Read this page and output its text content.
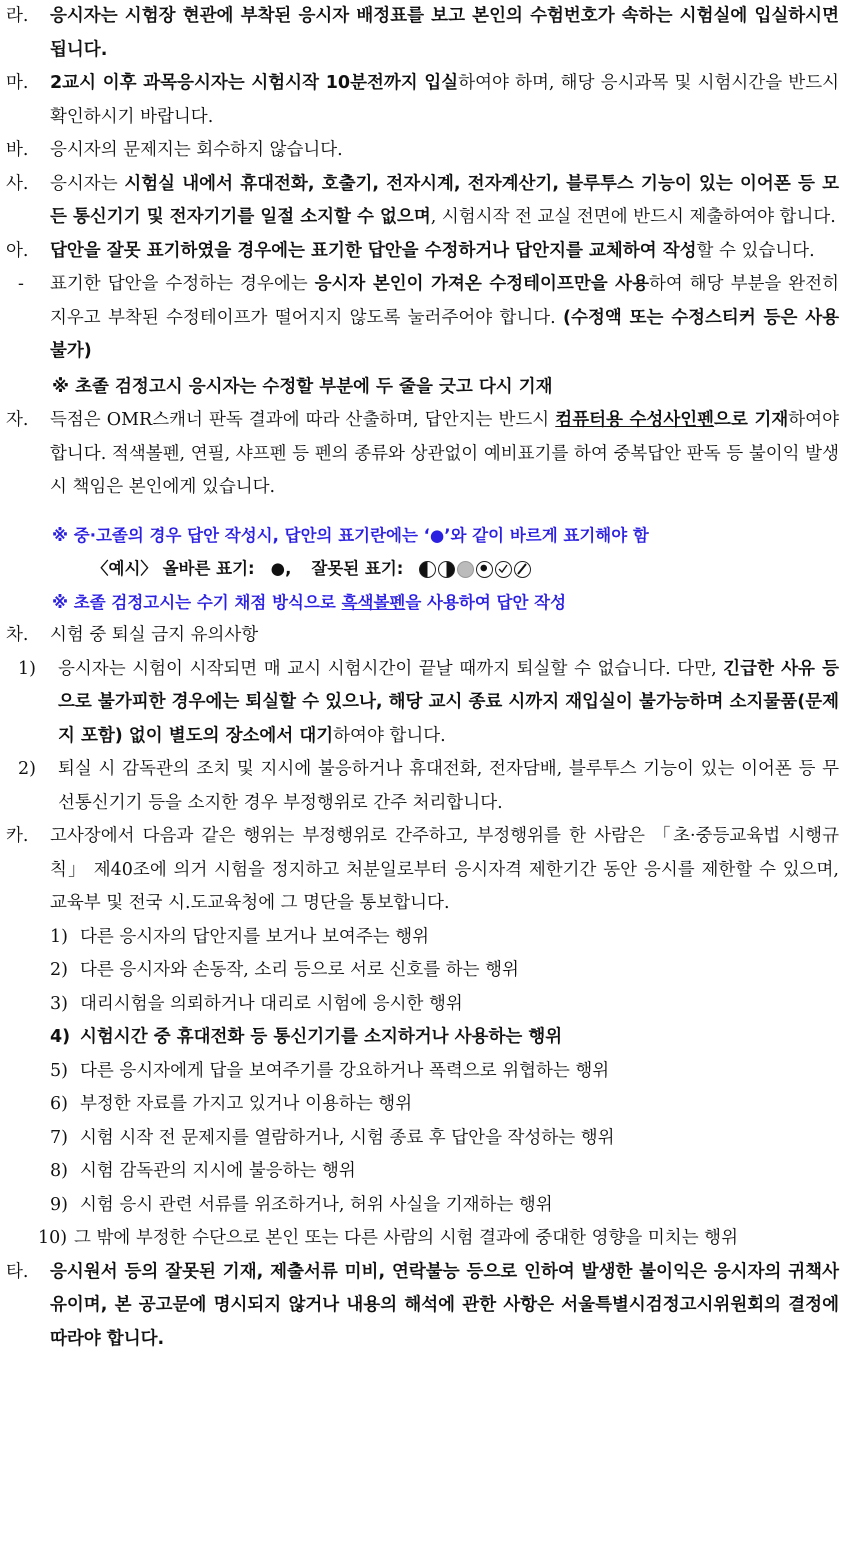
라.	응시자는 시험장 현관에 부착된 응시자 배정표를 보고 본인의 수험번호가 속하는 시험실에 입실하시면 됩니다.
마.	2교시 이후 과목응시자는 시험시작 10분전까지 입실하여야 하며, 해당 응시과목 및 시험시간을 반드시 확인하시기 바랍니다.
바.	응시자의 문제지는 회수하지 않습니다.
사.	응시자는 시험실 내에서 휴대전화, 호출기, 전자시계, 전자계산기, 블루투스 기능이 있는 이어폰 등 모든 통신기기 및 전자기기를 일절 소지할 수 없으며, 시험시작 전 교실 전면에 반드시 제출하여야 합니다.
아.	답안을 잘못 표기하였을 경우에는 표기한 답안을 수정하거나 답안지를 교체하여 작성할 수 있습니다.
-	표기한 답안을 수정하는 경우에는 응시자 본인이 가져온 수정테이프만을 사용하여 해당 부분을 완전히 지우고 부착된 수정테이프가 떨어지지 않도록 눌러주어야 합니다. (수정액 또는 수정스티커 등은 사용 불가)
※ 초졸 검정고시 응시자는 수정할 부분에 두 줄을 긋고 다시 기재
자.	득점은 OMR스캐너 판독 결과에 따라 산출하며, 답안지는 반드시 컴퓨터용 수성사인펜으로 기재하여야 합니다. 적색볼펜, 연필, 샤프펜 등 펜의 종류와 상관없이 예비표기를 하여 중복답안 판독 등 불이익 발생 시 책임은 본인에게 있습니다.
※ 중·고졸의 경우 답안 작성시, 답안의 표기란에는 ‘●’와 같이 바르게 표기해야 함
〈예시〉 올바른 표기: ●, 잘못된 표기:
※ 초졸 검정고시는 수기 채점 방식으로 흑색볼펜을 사용하여 답안 작성
차.	시험 중 퇴실 금지 유의사항
1)	응시자는 시험이 시작되면 매 교시 시험시간이 끝날 때까지 퇴실할 수 없습니다. 다만, 긴급한 사유 등으로 불가피한 경우에는 퇴실할 수 있으나, 해당 교시 종료 시까지 재입실이 불가능하며 소지물품(문제지 포함) 없이 별도의 장소에서 대기하여야 합니다.
2)	퇴실 시 감독관의 조치 및 지시에 불응하거나 휴대전화, 전자담배, 블루투스 기능이 있는 이어폰 등 무선통신기기 등을 소지한 경우 부정행위로 간주 처리합니다.
카.	고사장에서 다음과 같은 행위는 부정행위로 간주하고, 부정행위를 한 사람은 「초·중등교육법 시행규칙」 제40조에 의거 시험을 정지하고 처분일로부터 응시자격 제한기간 동안 응시를 제한할 수 있으며, 교육부 및 전국 시.도교육청에 그 명단을 통보합니다.
1) 다른 응시자의 답안지를 보거나 보여주는 행위
2) 다른 응시자와 손동작, 소리 등으로 서로 신호를 하는 행위
3) 대리시험을 의뢰하거나 대리로 시험에 응시한 행위
4) 시험시간 중 휴대전화 등 통신기기를 소지하거나 사용하는 행위
5) 다른 응시자에게 답을 보여주기를 강요하거나 폭력으로 위협하는 행위
6) 부정한 자료를 가지고 있거나 이용하는 행위
7) 시험 시작 전 문제지를 열람하거나, 시험 종료 후 답안을 작성하는 행위
8) 시험 감독관의 지시에 불응하는 행위
9) 시험 응시 관련 서류를 위조하거나, 허위 사실을 기재하는 행위
10) 그 밖에 부정한 수단으로 본인 또는 다른 사람의 시험 결과에 중대한 영향을 미치는 행위
타.	응시원서 등의 잘못된 기재, 제출서류 미비, 연락불능 등으로 인하여 발생한 불이익은 응시자의 귀책사유이며, 본 공고문에 명시되지 않거나 내용의 해석에 관한 사항은 서울특별시검정고시위원회의 결정에 따라야 합니다.
